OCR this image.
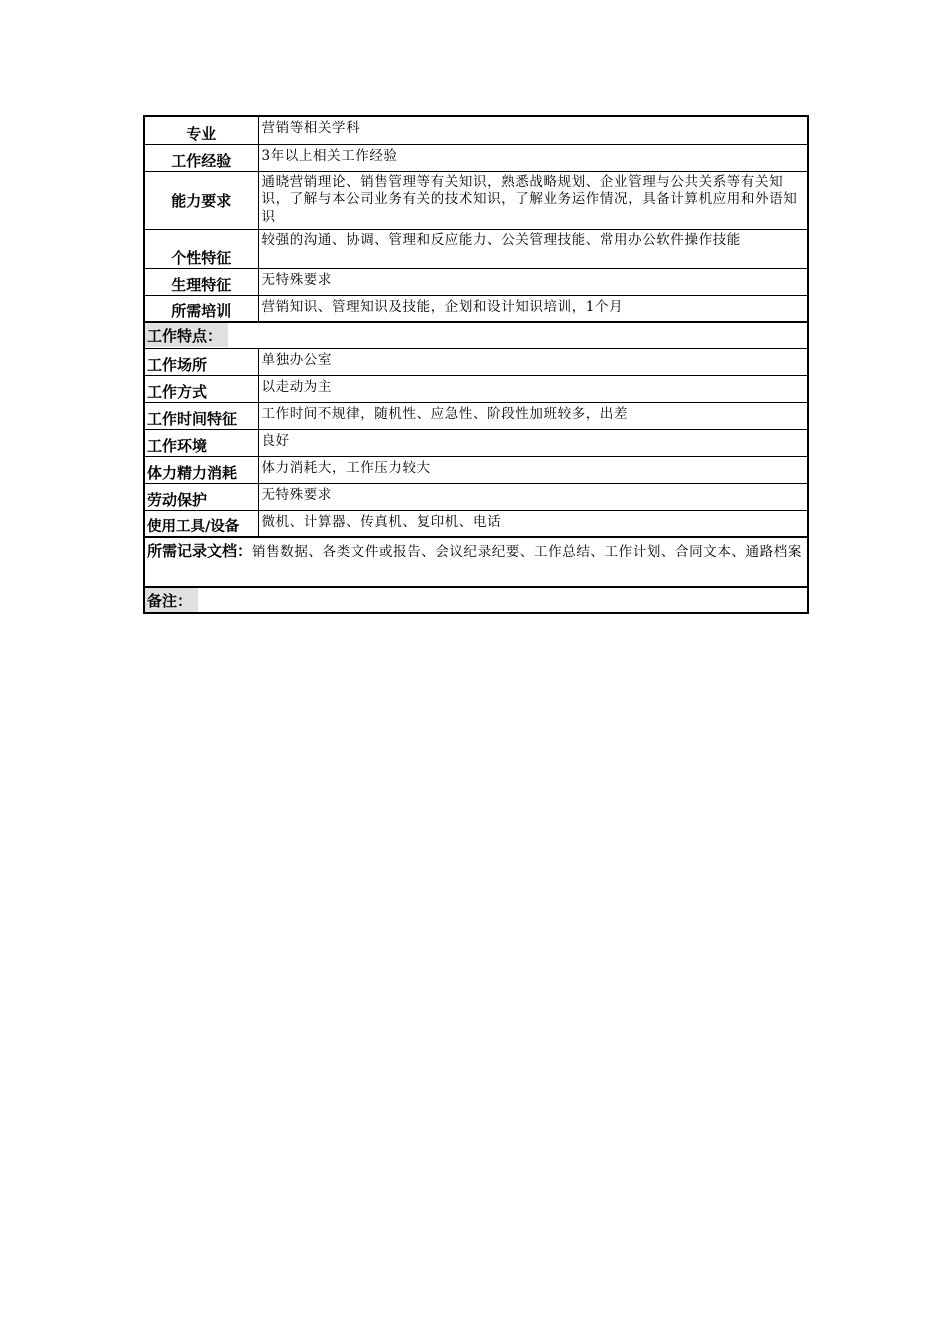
专业	营销等相关学科
工作经验	3年以上相关工作经验
能力要求	通晓营销理论、销售管理等有关知识，熟悉战略规划、企业管理与公共关系等有关知识，了解与本公司业务有关的技术知识，了解业务运作情况，具备计算机应用和外语知识
个性特征	较强的沟通、协调、管理和反应能力、公关管理技能、常用办公软件操作技能
生理特征	无特殊要求
所需培训	营销知识、管理知识及技能，企划和设计知识培训，1个月
工作特点：	
工作场所	单独办公室
工作方式	以走动为主
工作时间特征	工作时间不规律，随机性、应急性、阶段性加班较多，出差
工作环境	良好
体力精力消耗	体力消耗大，工作压力较大
劳动保护	无特殊要求
使用工具/设备	微机、计算器、传真机、复印机、电话

所需记录文档：销售数据、各类文件或报告、会议纪录纪要、工作总结、工作计划、合同文本、通路档案	

备注：	
